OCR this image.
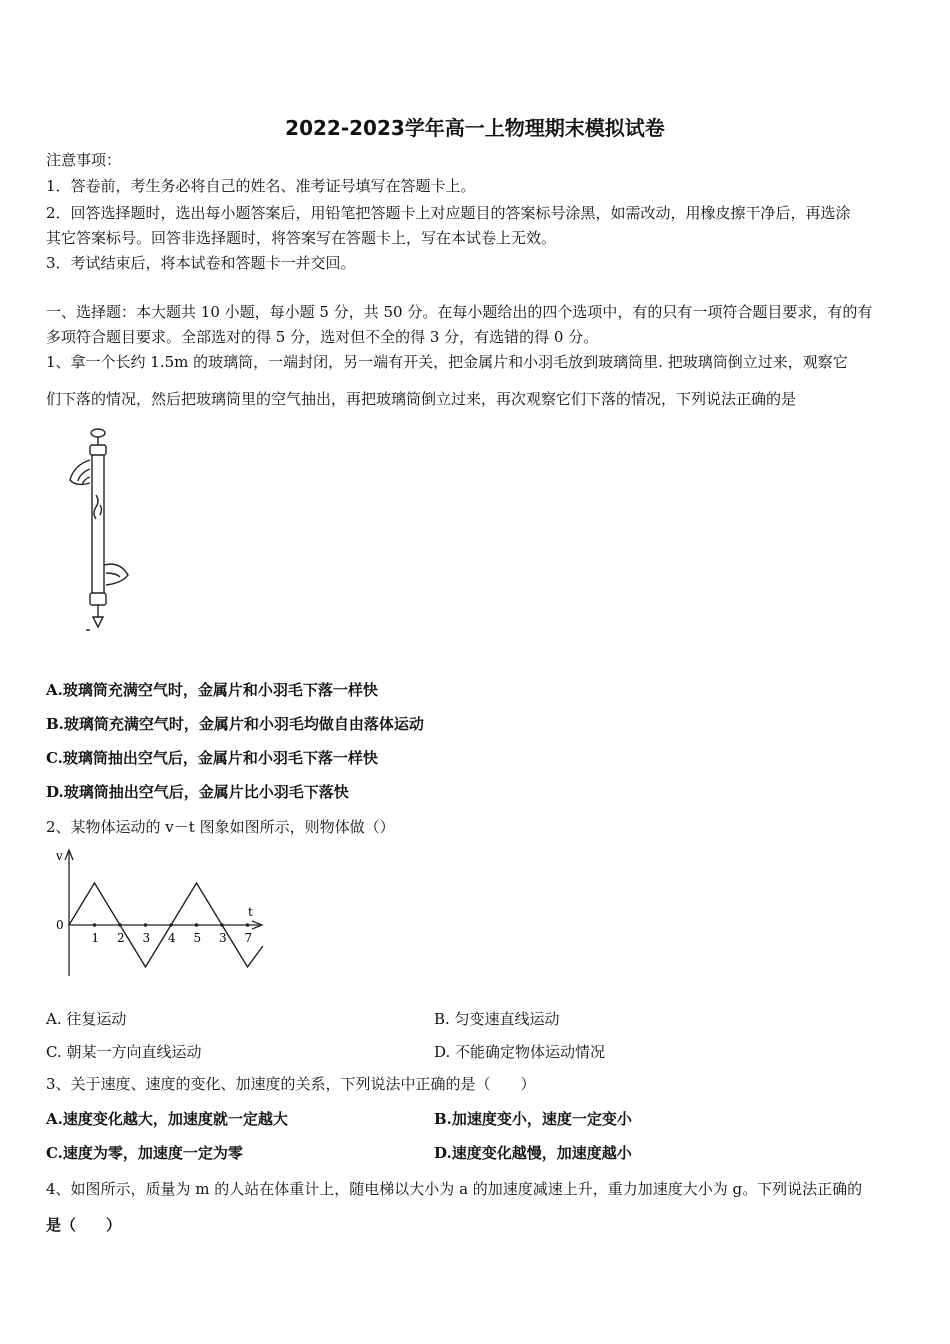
2022-2023学年高一上物理期末模拟试卷
注意事项：
1．答卷前，考生务必将自己的姓名、准考证号填写在答题卡上。
2．回答选择题时，选出每小题答案后，用铅笔把答题卡上对应题目的答案标号涂黑，如需改动，用橡皮擦干净后，再选涂
其它答案标号。回答非选择题时，将答案写在答题卡上，写在本试卷上无效。
3．考试结束后，将本试卷和答题卡一并交回。
一、选择题：本大题共 10 小题，每小题 5 分，共 50 分。在每小题给出的四个选项中，有的只有一项符合题目要求，有的有
多项符合题目要求。全部选对的得 5 分，选对但不全的得 3 分，有选错的得 0 分。
1、拿一个长约 1.5m 的玻璃筒，一端封闭，另一端有开关，把金属片和小羽毛放到玻璃筒里. 把玻璃筒倒立过来，观察它
们下落的情况，然后把玻璃筒里的空气抽出，再把玻璃筒倒立过来，再次观察它们下落的情况，下列说法正确的是
A.玻璃筒充满空气时，金属片和小羽毛下落一样快
B.玻璃筒充满空气时，金属片和小羽毛均做自由落体运动
C.玻璃筒抽出空气后，金属片和小羽毛下落一样快
D.玻璃筒抽出空气后，金属片比小羽毛下落快
2、某物体运动的 v－t 图象如图所示，则物体做（）
0
1 2 3 4 5 3 7
v
t
A. 往复运动	B. 匀变速直线运动
C. 朝某一方向直线运动	D. 不能确定物体运动情况
3、关于速度、速度的变化、加速度的关系，下列说法中正确的是（　　）
A.速度变化越大，加速度就一定越大	B.加速度变小，速度一定变小
C.速度为零，加速度一定为零	D.速度变化越慢，加速度越小
4、如图所示，质量为 m 的人站在体重计上，随电梯以大小为 a 的加速度减速上升，重力加速度大小为 g。下列说法正确的
是（　　）
